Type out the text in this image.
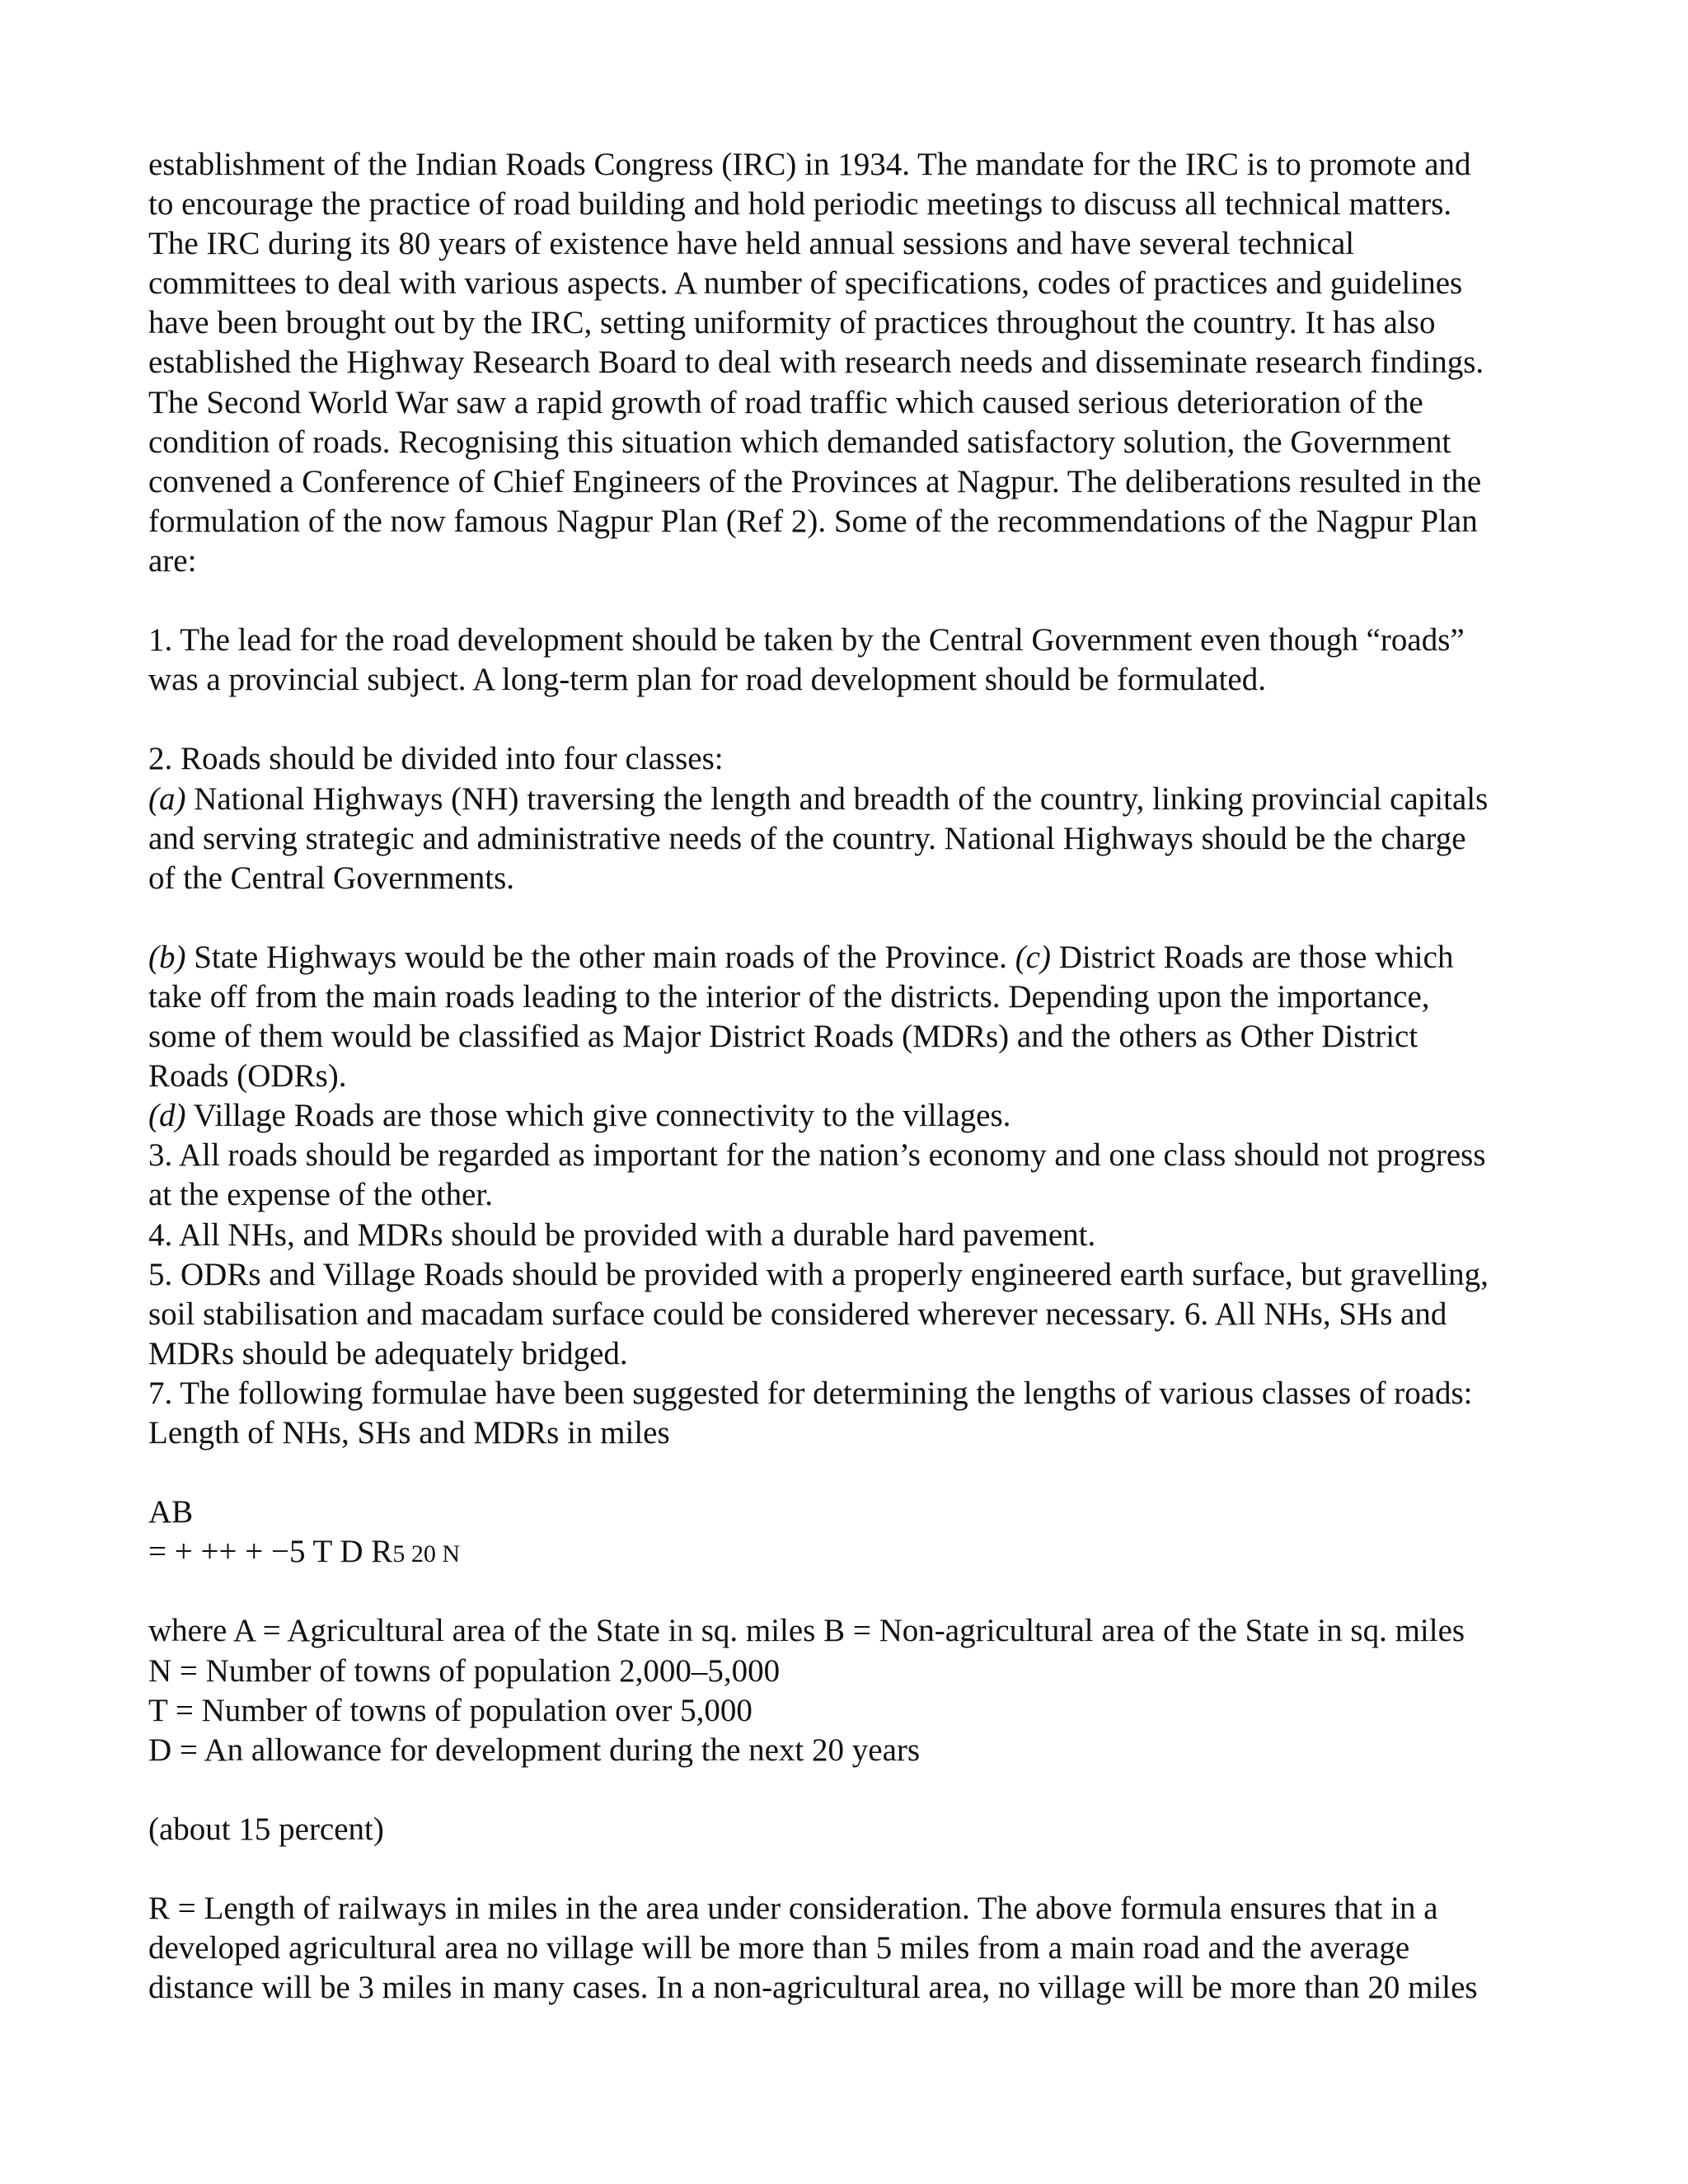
establishment of the Indian Roads Congress (IRC) in 1934. The mandate for the IRC is to promote and
to encourage the practice of road building and hold periodic meetings to discuss all technical matters.
The IRC during its 80 years of existence have held annual sessions and have several technical
committees to deal with various aspects. A number of specifications, codes of practices and guidelines
have been brought out by the IRC, setting uniformity of practices throughout the country. It has also
established the Highway Research Board to deal with research needs and disseminate research findings.
The Second World War saw a rapid growth of road traffic which caused serious deterioration of the
condition of roads. Recognising this situation which demanded satisfactory solution, the Government
convened a Conference of Chief Engineers of the Provinces at Nagpur. The deliberations resulted in the
formulation of the now famous Nagpur Plan (Ref 2). Some of the recommendations of the Nagpur Plan
are:
1. The lead for the road development should be taken by the Central Government even though “roads”
was a provincial subject. A long-term plan for road development should be formulated.
2. Roads should be divided into four classes:
(a) National Highways (NH) traversing the length and breadth of the country, linking provincial capitals
and serving strategic and administrative needs of the country. National Highways should be the charge
of the Central Governments.
(b) State Highways would be the other main roads of the Province. (c) District Roads are those which
take off from the main roads leading to the interior of the districts. Depending upon the importance,
some of them would be classified as Major District Roads (MDRs) and the others as Other District
Roads (ODRs).
(d) Village Roads are those which give connectivity to the villages.
3. All roads should be regarded as important for the nation’s economy and one class should not progress
at the expense of the other.
4. All NHs, and MDRs should be provided with a durable hard pavement.
5. ODRs and Village Roads should be provided with a properly engineered earth surface, but gravelling,
soil stabilisation and macadam surface could be considered wherever necessary. 6. All NHs, SHs and
MDRs should be adequately bridged.
7. The following formulae have been suggested for determining the lengths of various classes of roads:
Length of NHs, SHs and MDRs in miles
AB
= + ++ + −5 T D R5 20 N
where A = Agricultural area of the State in sq. miles B = Non-agricultural area of the State in sq. miles
N = Number of towns of population 2,000–5,000
T = Number of towns of population over 5,000
D = An allowance for development during the next 20 years
(about 15 percent)
R = Length of railways in miles in the area under consideration. The above formula ensures that in a
developed agricultural area no village will be more than 5 miles from a main road and the average
distance will be 3 miles in many cases. In a non-agricultural area, no village will be more than 20 miles
